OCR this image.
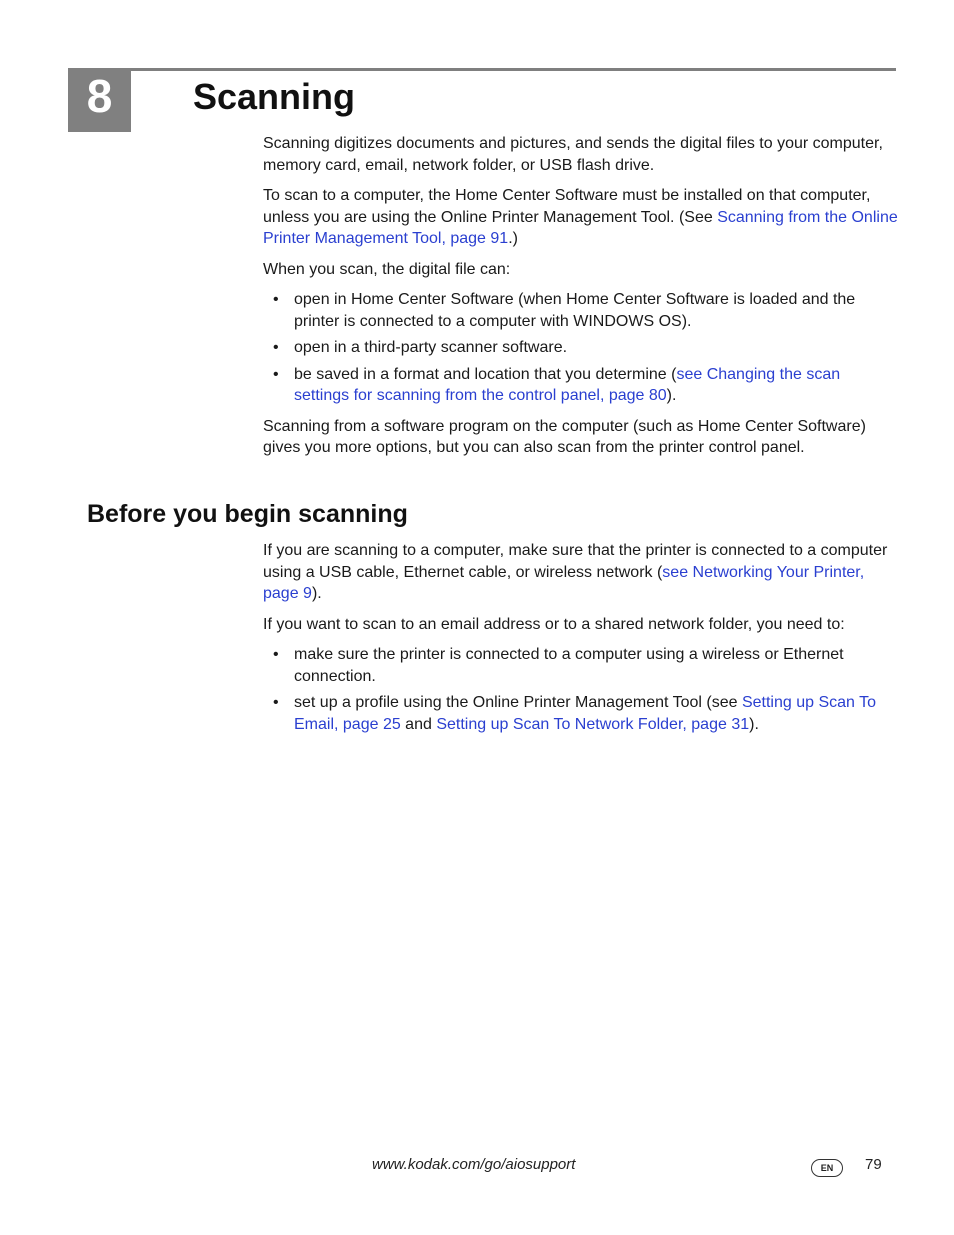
8	Scanning

Scanning digitizes documents and pictures, and sends the digital files to your computer, memory card, email, network folder, or USB flash drive.

To scan to a computer, the Home Center Software must be installed on that computer, unless you are using the Online Printer Management Tool. (See Scanning from the Online Printer Management Tool, page 91.)

When you scan, the digital file can:

• open in Home Center Software (when Home Center Software is loaded and the printer is connected to a computer with WINDOWS OS).
• open in a third-party scanner software.
• be saved in a format and location that you determine (see Changing the scan settings for scanning from the control panel, page 80).

Scanning from a software program on the computer (such as Home Center Software) gives you more options, but you can also scan from the printer control panel.

Before you begin scanning

If you are scanning to a computer, make sure that the printer is connected to a computer using a USB cable, Ethernet cable, or wireless network (see Networking Your Printer, page 9).

If you want to scan to an email address or to a shared network folder, you need to:

• make sure the printer is connected to a computer using a wireless or Ethernet connection.
• set up a profile using the Online Printer Management Tool (see Setting up Scan To Email, page 25 and Setting up Scan To Network Folder, page 31).
www.kodak.com/go/aiosupport	EN	79
